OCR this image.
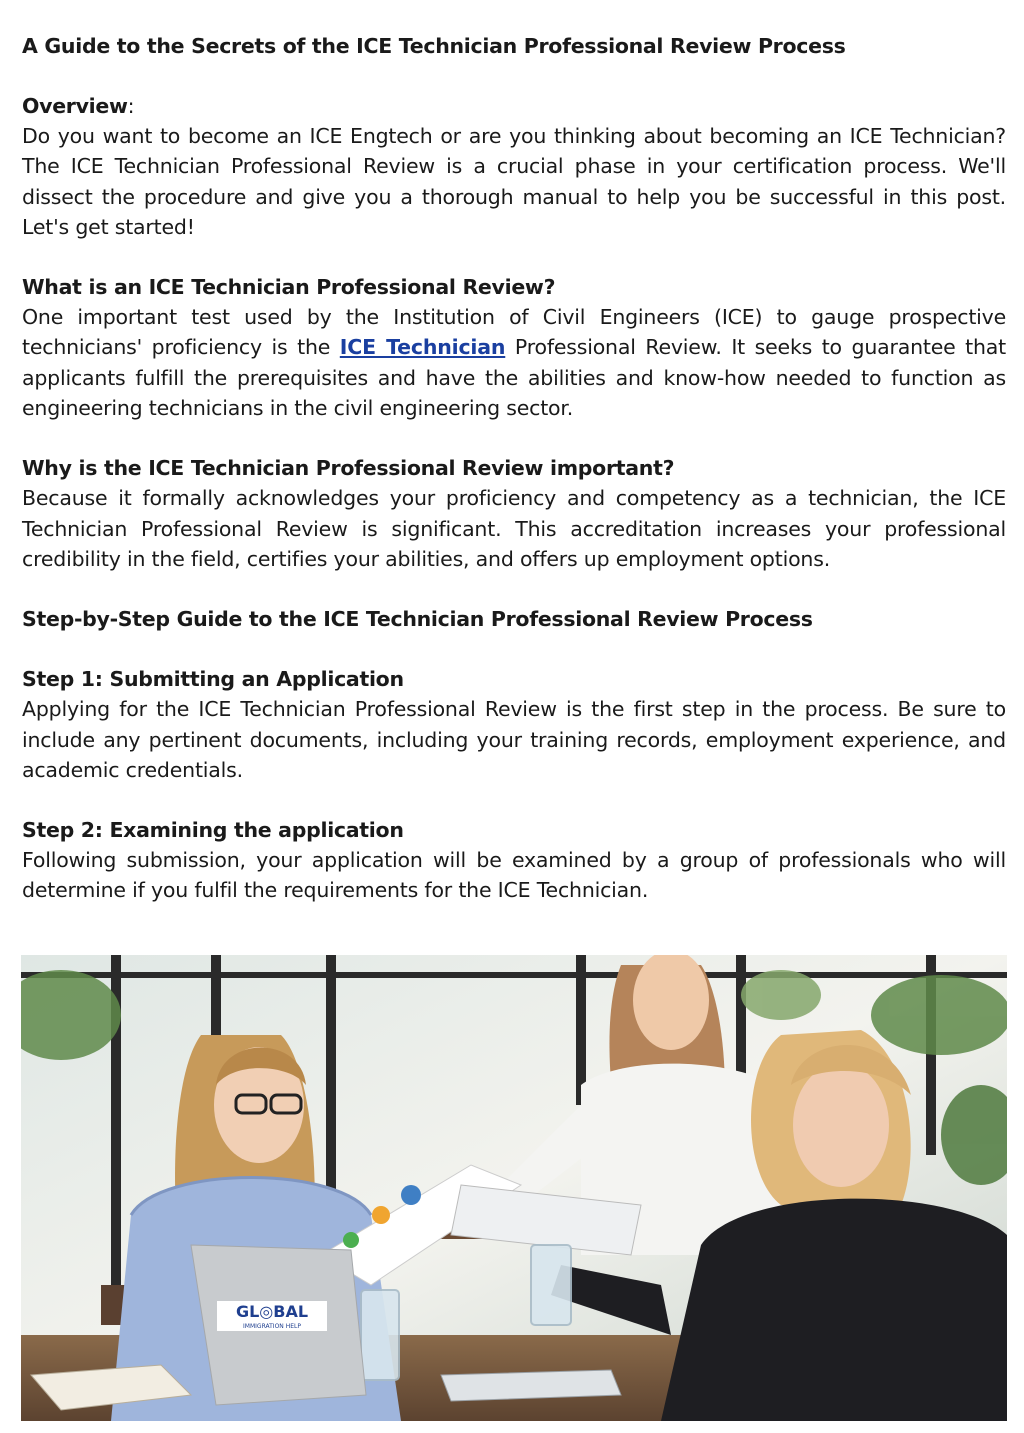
A Guide to the Secrets of the ICE Technician Professional Review Process
Overview:

Do you want to become an ICE Engtech or are you thinking about becoming an ICE Technician? The ICE Technician Professional Review is a crucial phase in your certification process. We'll dissect the procedure and give you a thorough manual to help you be successful in this post. Let's get started!

What is an ICE Technician Professional Review?

One important test used by the Institution of Civil Engineers (ICE) to gauge prospective technicians' proficiency is the ICE Technician Professional Review. It seeks to guarantee that applicants fulfill the prerequisites and have the abilities and know-how needed to function as engineering technicians in the civil engineering sector.

Why is the ICE Technician Professional Review important?

Because it formally acknowledges your proficiency and competency as a technician, the ICE Technician Professional Review is significant. This accreditation increases your professional credibility in the field, certifies your abilities, and offers up employment options.

Step-by-Step Guide to the ICE Technician Professional Review Process
Step 1: Submitting an Application

Applying for the ICE Technician Professional Review is the first step in the process. Be sure to include any pertinent documents, including your training records, employment experience, and academic credentials.

Step 2: Examining the application

Following submission, your application will be examined by a group of professionals who will determine if you fulfil the requirements for the ICE Technician.

GL◎BAL
IMMIGRATION HELP
